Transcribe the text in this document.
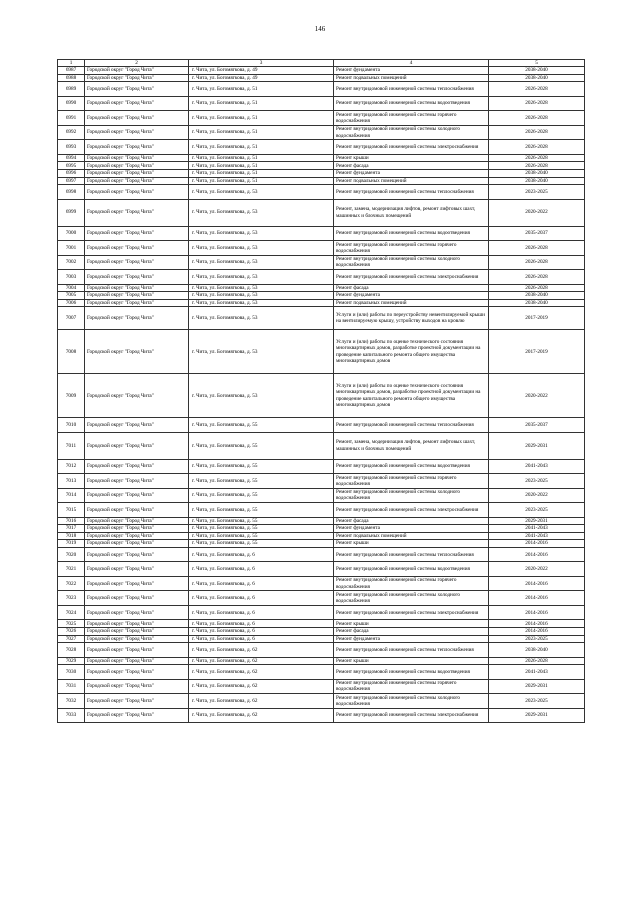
146
1	2	3	4	5
6987	Городской округ "Город Чита"	г. Чита, ул. Богомягкова, д. 49	Ремонт фундамента	2038-2040
6988	Городской округ "Город Чита"	г. Чита, ул. Богомягкова, д. 49	Ремонт подвальных помещений	2038-2040
6989	Городской округ "Город Чита"	г. Чита, ул. Богомягкова, д. 51	Ремонт внутридомовой инженерной системы теплоснабжения	2026-2028
6990	Городской округ "Город Чита"	г. Чита, ул. Богомягкова, д. 51	Ремонт внутридомовой инженерной системы водоотведения	2026-2028
6991	Городской округ "Город Чита"	г. Чита, ул. Богомягкова, д. 51	Ремонт внутридомовой инженерной системы горячего водоснабжения	2026-2028
6992	Городской округ "Город Чита"	г. Чита, ул. Богомягкова, д. 51	Ремонт внутридомовой инженерной системы холодного водоснабжения	2026-2028
6993	Городской округ "Город Чита"	г. Чита, ул. Богомягкова, д. 51	Ремонт внутридомовой инженерной системы электроснабжения	2026-2028
6994	Городской округ "Город Чита"	г. Чита, ул. Богомягкова, д. 51	Ремонт крыши	2026-2028
6995	Городской округ "Город Чита"	г. Чита, ул. Богомягкова, д. 51	Ремонт фасада	2026-2028
6996	Городской округ "Город Чита"	г. Чита, ул. Богомягкова, д. 51	Ремонт фундамента	2038-2040
6997	Городской округ "Город Чита"	г. Чита, ул. Богомягкова, д. 51	Ремонт подвальных помещений	2038-2040
6998	Городской округ "Город Чита"	г. Чита, ул. Богомягкова, д. 53	Ремонт внутридомовой инженерной системы теплоснабжения	2023-2025
6999	Городской округ "Город Чита"	г. Чита, ул. Богомягкова, д. 53	Ремонт, замена, модернизация лифтов, ремонт лифтовых шахт, машинных и блочных помещений	2020-2022
7000	Городской округ "Город Чита"	г. Чита, ул. Богомягкова, д. 53	Ремонт внутридомовой инженерной системы водоотведения	2035-2037
7001	Городской округ "Город Чита"	г. Чита, ул. Богомягкова, д. 53	Ремонт внутридомовой инженерной системы горячего водоснабжения	2026-2028
7002	Городской округ "Город Чита"	г. Чита, ул. Богомягкова, д. 53	Ремонт внутридомовой инженерной системы холодного водоснабжения	2026-2028
7003	Городской округ "Город Чита"	г. Чита, ул. Богомягкова, д. 53	Ремонт внутридомовой инженерной системы электроснабжения	2026-2028
7004	Городской округ "Город Чита"	г. Чита, ул. Богомягкова, д. 53	Ремонт фасада	2026-2028
7005	Городской округ "Город Чита"	г. Чита, ул. Богомягкова, д. 53	Ремонт фундамента	2038-2040
7006	Городской округ "Город Чита"	г. Чита, ул. Богомягкова, д. 53	Ремонт подвальных помещений	2038-2040
7007	Городской округ "Город Чита"	г. Чита, ул. Богомягкова, д. 53	Услуги и (или) работы по переустройству невентилируемой крыши на вентилируемую крышу, устройству выходов на кровлю	2017-2019
7008	Городской округ "Город Чита"	г. Чита, ул. Богомягкова, д. 53	Услуги и (или) работы по оценке технического состояния многоквартирных домов, разработке проектной документации на проведение капитального ремонта общего имущества многоквартирных домов	2017-2019
7009	Городской округ "Город Чита"	г. Чита, ул. Богомягкова, д. 53	Услуги и (или) работы по оценке технического состояния многоквартирных домов, разработке проектной документации на проведение капитального ремонта общего имущества многоквартирных домов	2020-2022
7010	Городской округ "Город Чита"	г. Чита, ул. Богомягкова, д. 55	Ремонт внутридомовой инженерной системы теплоснабжения	2035-2037
7011	Городской округ "Город Чита"	г. Чита, ул. Богомягкова, д. 55	Ремонт, замена, модернизация лифтов, ремонт лифтовых шахт, машинных и блочных помещений	2029-2031
7012	Городской округ "Город Чита"	г. Чита, ул. Богомягкова, д. 55	Ремонт внутридомовой инженерной системы водоотведения	2041-2043
7013	Городской округ "Город Чита"	г. Чита, ул. Богомягкова, д. 55	Ремонт внутридомовой инженерной системы горячего водоснабжения	2023-2025
7014	Городской округ "Город Чита"	г. Чита, ул. Богомягкова, д. 55	Ремонт внутридомовой инженерной системы холодного водоснабжения	2020-2022
7015	Городской округ "Город Чита"	г. Чита, ул. Богомягкова, д. 55	Ремонт внутридомовой инженерной системы электроснабжения	2023-2025
7016	Городской округ "Город Чита"	г. Чита, ул. Богомягкова, д. 55	Ремонт фасада	2029-2031
7017	Городской округ "Город Чита"	г. Чита, ул. Богомягкова, д. 55	Ремонт фундамента	2041-2043
7018	Городской округ "Город Чита"	г. Чита, ул. Богомягкова, д. 55	Ремонт подвальных помещений	2041-2043
7019	Городской округ "Город Чита"	г. Чита, ул. Богомягкова, д. 55	Ремонт крыши	2014-2016
7020	Городской округ "Город Чита"	г. Чита, ул. Богомягкова, д. 6	Ремонт внутридомовой инженерной системы теплоснабжения	2014-2016
7021	Городской округ "Город Чита"	г. Чита, ул. Богомягкова, д. 6	Ремонт внутридомовой инженерной системы водоотведения	2020-2022
7022	Городской округ "Город Чита"	г. Чита, ул. Богомягкова, д. 6	Ремонт внутридомовой инженерной системы горячего водоснабжения	2014-2016
7023	Городской округ "Город Чита"	г. Чита, ул. Богомягкова, д. 6	Ремонт внутридомовой инженерной системы холодного водоснабжения	2014-2016
7024	Городской округ "Город Чита"	г. Чита, ул. Богомягкова, д. 6	Ремонт внутридомовой инженерной системы электроснабжения	2014-2016
7025	Городской округ "Город Чита"	г. Чита, ул. Богомягкова, д. 6	Ремонт крыши	2014-2016
7026	Городской округ "Город Чита"	г. Чита, ул. Богомягкова, д. 6	Ремонт фасада	2014-2016
7027	Городской округ "Город Чита"	г. Чита, ул. Богомягкова, д. 6	Ремонт фундамента	2023-2025
7028	Городской округ "Город Чита"	г. Чита, ул. Богомягкова, д. 62	Ремонт внутридомовой инженерной системы теплоснабжения	2038-2040
7029	Городской округ "Город Чита"	г. Чита, ул. Богомягкова, д. 62	Ремонт крыши	2026-2028
7030	Городской округ "Город Чита"	г. Чита, ул. Богомягкова, д. 62	Ремонт внутридомовой инженерной системы водоотведения	2041-2043
7031	Городской округ "Город Чита"	г. Чита, ул. Богомягкова, д. 62	Ремонт внутридомовой инженерной системы горячего водоснабжения	2029-2031
7032	Городской округ "Город Чита"	г. Чита, ул. Богомягкова, д. 62	Ремонт внутридомовой инженерной системы холодного водоснабжения	2023-2025
7033	Городской округ "Город Чита"	г. Чита, ул. Богомягкова, д. 62	Ремонт внутридомовой инженерной системы электроснабжения	2029-2031
